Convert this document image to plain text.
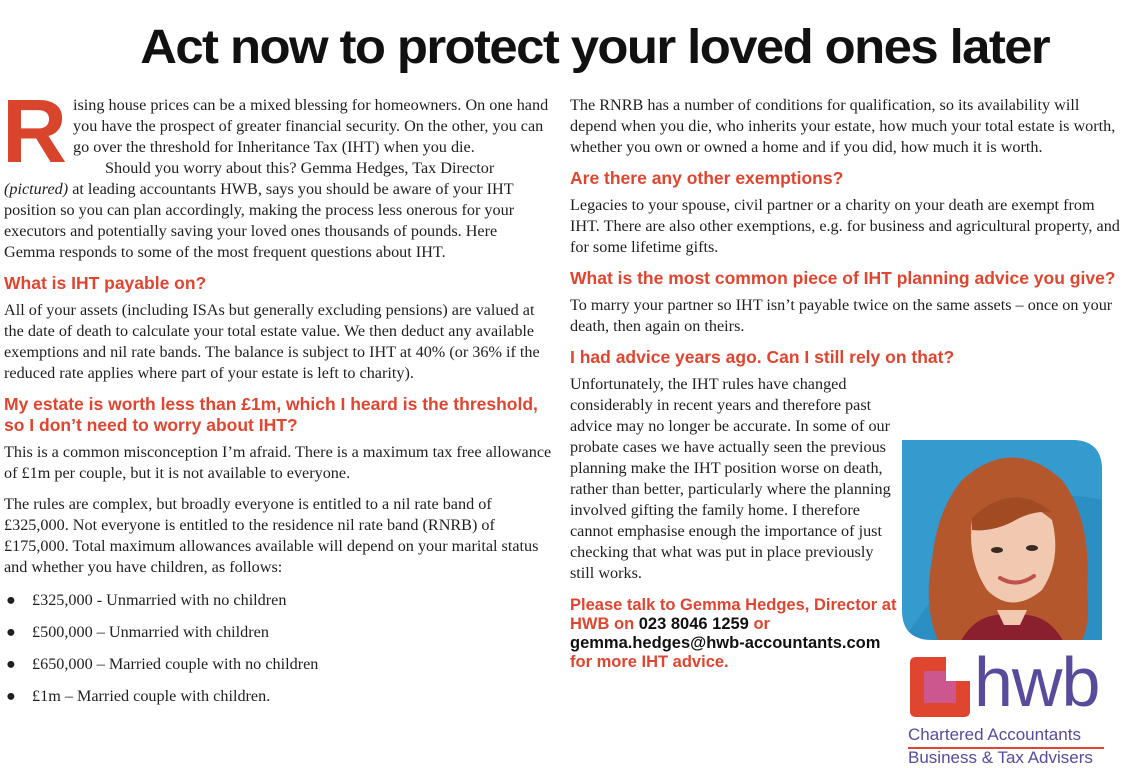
Act now to protect your loved ones later

Rising house prices can be a mixed blessing for homeowners. On one hand you have the prospect of greater financial security. On the other, you can go over the threshold for Inheritance Tax (IHT) when you die.

Should you worry about this? Gemma Hedges, Tax Director (pictured) at leading accountants HWB, says you should be aware of your IHT position so you can plan accordingly, making the process less onerous for your executors and potentially saving your loved ones thousands of pounds. Here Gemma responds to some of the most frequent questions about IHT.

What is IHT payable on?

All of your assets (including ISAs but generally excluding pensions) are valued at the date of death to calculate your total estate value. We then deduct any available exemptions and nil rate bands. The balance is subject to IHT at 40% (or 36% if the reduced rate applies where part of your estate is left to charity).

My estate is worth less than £1m, which I heard is the threshold, so I don’t need to worry about IHT?

This is a common misconception I’m afraid. There is a maximum tax free allowance of £1m per couple, but it is not available to everyone.

The rules are complex, but broadly everyone is entitled to a nil rate band of £325,000. Not everyone is entitled to the residence nil rate band (RNRB) of £175,000. Total maximum allowances available will depend on your marital status and whether you have children, as follows:

● £325,000 - Unmarried with no children
● £500,000 – Unmarried with children
● £650,000 – Married couple with no children
● £1m – Married couple with children.

The RNRB has a number of conditions for qualification, so its availability will depend when you die, who inherits your estate, how much your total estate is worth, whether you own or owned a home and if you did, how much it is worth.

Are there any other exemptions?

Legacies to your spouse, civil partner or a charity on your death are exempt from IHT. There are also other exemptions, e.g. for business and agricultural property, and for some lifetime gifts.

What is the most common piece of IHT planning advice you give?

To marry your partner so IHT isn’t payable twice on the same assets – once on your death, then again on theirs.

I had advice years ago. Can I still rely on that?

Unfortunately, the IHT rules have changed considerably in recent years and therefore past advice may no longer be accurate. In some of our probate cases we have actually seen the previous planning make the IHT position worse on death, rather than better, particularly where the planning involved gifting the family home. I therefore cannot emphasise enough the importance of just checking that what was put in place previously still works.

Please talk to Gemma Hedges, Director at HWB on 023 8046 1259 or gemma.hedges@hwb-accountants.com for more IHT advice.	hwb
Chartered Accountants
Business & Tax Advisers
